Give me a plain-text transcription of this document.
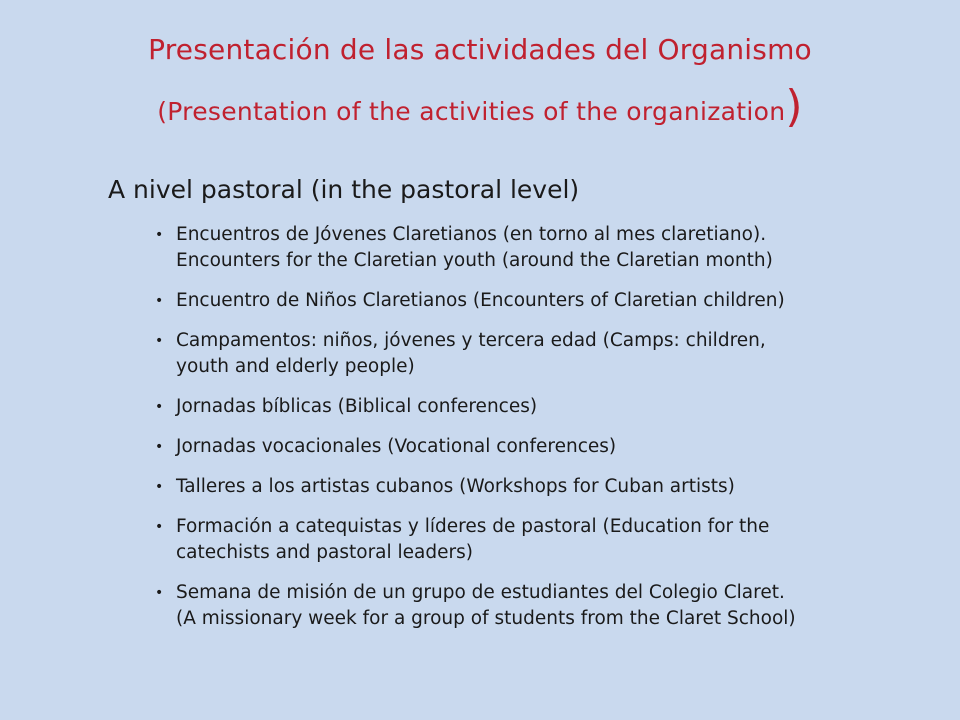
Presentación de las actividades del Organismo
(Presentation of the activities of the organization)
A nivel pastoral (in the pastoral level)
• Encuentros de Jóvenes Claretianos (en torno al mes claretiano).
Encounters for the Claretian youth (around the Claretian month)
• Encuentro de Niños Claretianos (Encounters of Claretian children)
• Campamentos: niños, jóvenes y tercera edad (Camps: children,
youth and elderly people)
• Jornadas bíblicas (Biblical conferences)
• Jornadas vocacionales (Vocational conferences)
• Talleres a los artistas cubanos (Workshops for Cuban artists)
• Formación a catequistas y líderes de pastoral (Education for the
catechists and pastoral leaders)
• Semana de misión de un grupo de estudiantes del Colegio Claret.
(A missionary week for a group of students from the Claret School)
